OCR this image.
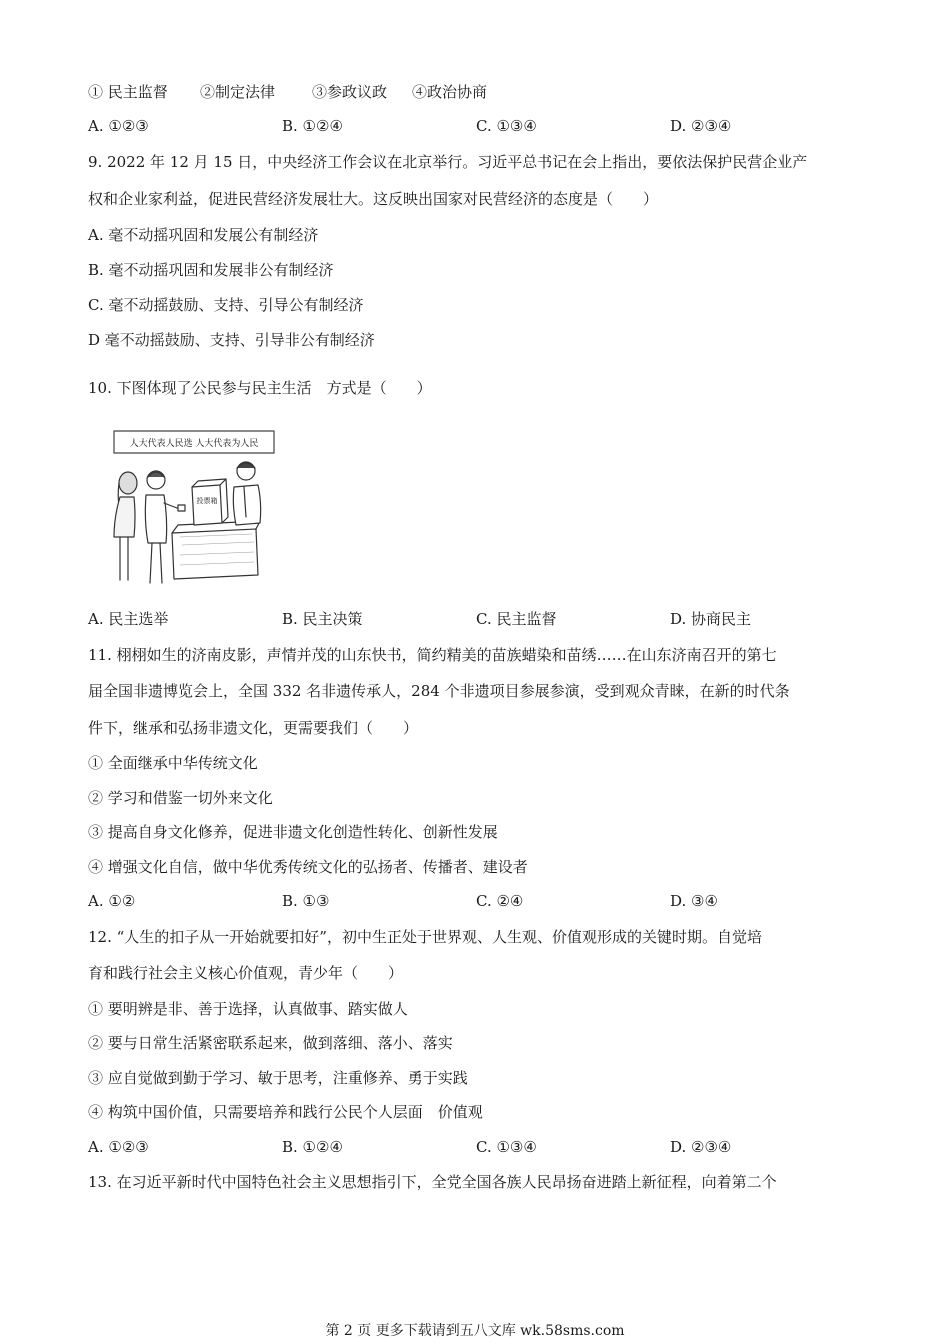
① 民主监督 ②制定法律 ③参政议政 ④政治协商
A. ①②③	B. ①②④	C. ①③④	D. ②③④
9. 2022 年 12 月 15 日，中央经济工作会议在北京举行。习近平总书记在会上指出，要依法保护民营企业产
权和企业家利益，促进民营经济发展壮大。这反映出国家对民营经济的态度是（　　）
A. 毫不动摇巩固和发展公有制经济
B. 毫不动摇巩固和发展非公有制经济
C. 毫不动摇鼓励、支持、引导公有制经济
D 毫不动摇鼓励、支持、引导非公有制经济
10. 下图体现了公民参与民主生活　方式是（　　）
人大代表人民选 人大代表为人民
投票箱
A. 民主选举	B. 民主决策	C. 民主监督	D. 协商民主
11. 栩栩如生的济南皮影，声情并茂的山东快书，简约精美的苗族蜡染和苗绣……在山东济南召开的第七
届全国非遗博览会上，全国 332 名非遗传承人，284 个非遗项目参展参演，受到观众青睐，在新的时代条
件下，继承和弘扬非遗文化，更需要我们（　　）
① 全面继承中华传统文化
② 学习和借鉴一切外来文化
③ 提高自身文化修养，促进非遗文化创造性转化、创新性发展
④ 增强文化自信，做中华优秀传统文化的弘扬者、传播者、建设者
A. ①②	B. ①③	C. ②④	D. ③④
12. “人生的扣子从一开始就要扣好”，初中生正处于世界观、人生观、价值观形成的关键时期。自觉培
育和践行社会主义核心价值观，青少年（　　）
① 要明辨是非、善于选择，认真做事、踏实做人
② 要与日常生活紧密联系起来，做到落细、落小、落实
③ 应自觉做到勤于学习、敏于思考，注重修养、勇于实践
④ 构筑中国价值，只需要培养和践行公民个人层面　价值观
A. ①②③	B. ①②④	C. ①③④	D. ②③④
13. 在习近平新时代中国特色社会主义思想指引下，全党全国各族人民昂扬奋进踏上新征程，向着第二个
第 2 页 更多下载请到五八文库 wk.58sms.com
